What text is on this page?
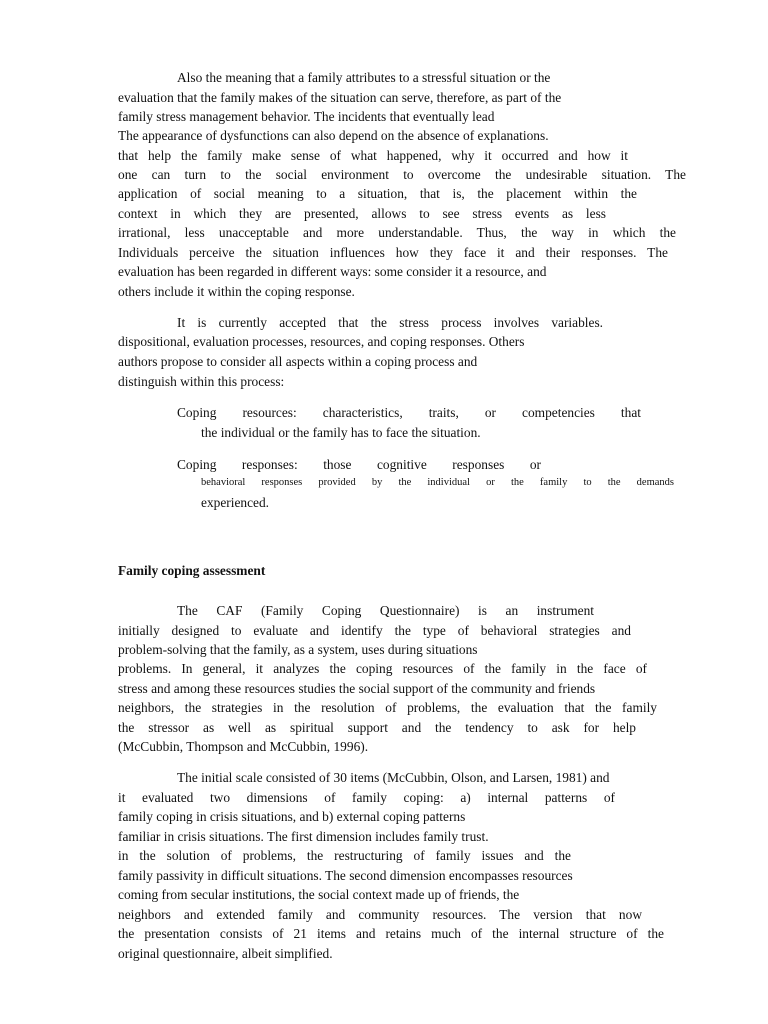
Also the meaning that a family attributes to a stressful situation or the

evaluation that the family makes of the situation can serve, therefore, as part of the

family stress management behavior. The incidents that eventually lead

The appearance of dysfunctions can also depend on the absence of explanations.

that help the family make sense of what happened, why it occurred and how it

one can turn to the social environment to overcome the undesirable situation. The

application of social meaning to a situation, that is, the placement within the

context in which they are presented, allows to see stress events as less

irrational, less unacceptable and more understandable. Thus, the way in which the

Individuals perceive the situation influences how they face it and their responses. The

evaluation has been regarded in different ways: some consider it a resource, and

others include it within the coping response.

It is currently accepted that the stress process involves variables.

dispositional, evaluation processes, resources, and coping responses. Others

authors propose to consider all aspects within a coping process and

distinguish within this process:

Coping resources: characteristics, traits, or competencies that

the individual or the family has to face the situation.

Coping responses: those cognitive responses or

behavioral responses provided by the individual or the family to the demands

experienced.

Family coping assessment

The CAF (Family Coping Questionnaire) is an instrument

initially designed to evaluate and identify the type of behavioral strategies and

problem-solving that the family, as a system, uses during situations

problems. In general, it analyzes the coping resources of the family in the face of

stress and among these resources studies the social support of the community and friends

neighbors, the strategies in the resolution of problems, the evaluation that the family

the stressor as well as spiritual support and the tendency to ask for help

(McCubbin, Thompson and McCubbin, 1996).

The initial scale consisted of 30 items (McCubbin, Olson, and Larsen, 1981) and

it evaluated two dimensions of family coping: a) internal patterns of

family coping in crisis situations, and b) external coping patterns

familiar in crisis situations. The first dimension includes family trust.

in the solution of problems, the restructuring of family issues and the

family passivity in difficult situations. The second dimension encompasses resources

coming from secular institutions, the social context made up of friends, the

neighbors and extended family and community resources. The version that now

the presentation consists of 21 items and retains much of the internal structure of the

original questionnaire, albeit simplified.
